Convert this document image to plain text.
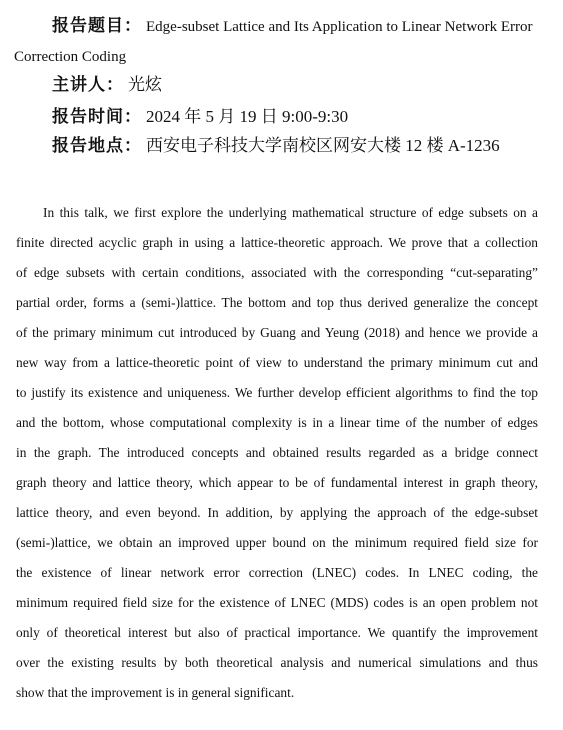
报告题目： Edge-subset Lattice and Its Application to Linear Network Error
Correction Coding
主讲人： 光炫
报告时间： 2024 年 5 月 19 日 9:00-9:30
报告地点： 西安电子科技大学南校区网安大楼 12 楼 A-1236
In this talk, we first explore the underlying mathematical structure of edge subsets on a
finite directed acyclic graph in using a lattice-theoretic approach. We prove that a collection
of edge subsets with certain conditions, associated with the corresponding “cut-separating”
partial order, forms a (semi-)lattice. The bottom and top thus derived generalize the concept
of the primary minimum cut introduced by Guang and Yeung (2018) and hence we provide a
new way from a lattice-theoretic point of view to understand the primary minimum cut and
to justify its existence and uniqueness. We further develop efficient algorithms to find the top
and the bottom, whose computational complexity is in a linear time of the number of edges
in the graph. The introduced concepts and obtained results regarded as a bridge connect
graph theory and lattice theory, which appear to be of fundamental interest in graph theory,
lattice theory, and even beyond. In addition, by applying the approach of the edge-subset
(semi-)lattice, we obtain an improved upper bound on the minimum required field size for
the existence of linear network error correction (LNEC) codes. In LNEC coding, the
minimum required field size for the existence of LNEC (MDS) codes is an open problem not
only of theoretical interest but also of practical importance. We quantify the improvement
over the existing results by both theoretical analysis and numerical simulations and thus
show that the improvement is in general significant.
